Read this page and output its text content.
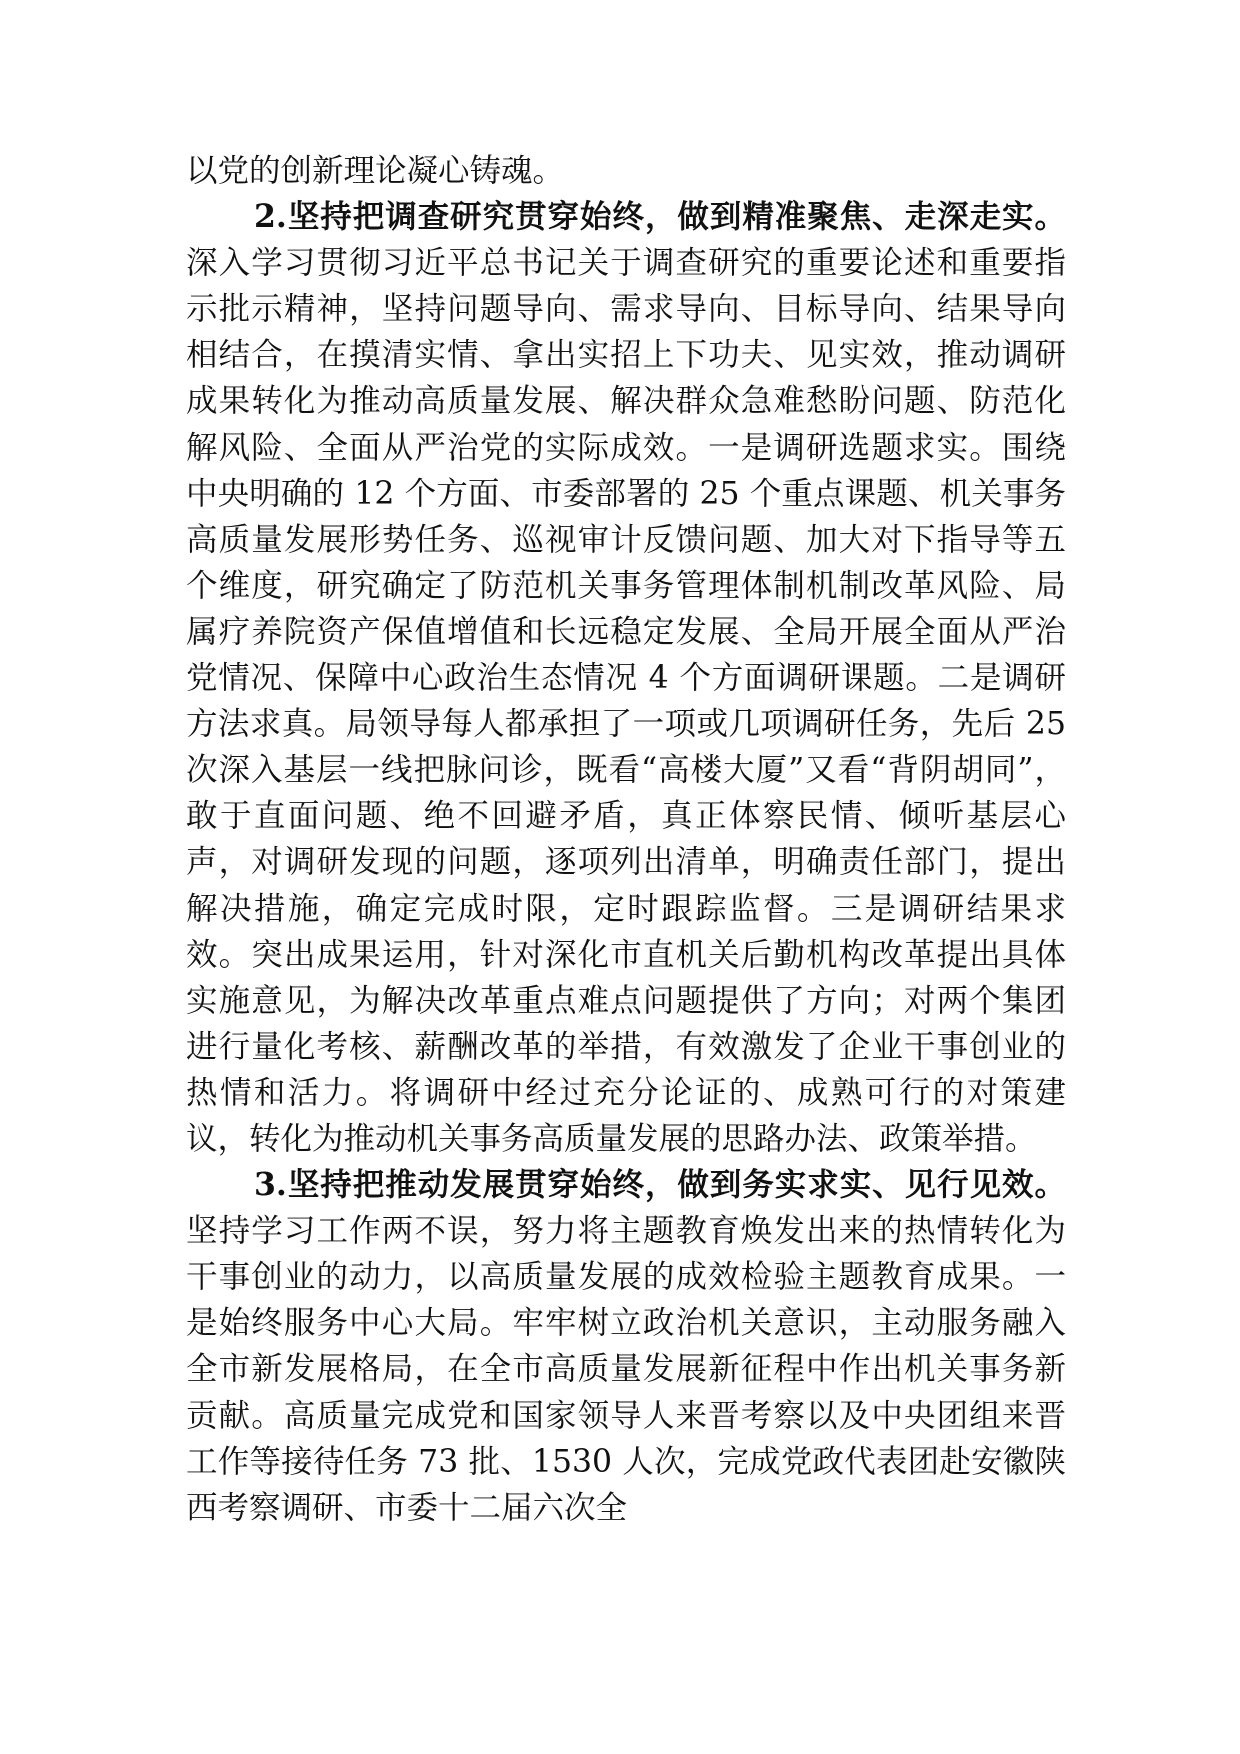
以党的创新理论凝心铸魂。

2.坚持把调查研究贯穿始终，做到精准聚焦、走深走实。深入学习贯彻习近平总书记关于调查研究的重要论述和重要指示批示精神，坚持问题导向、需求导向、目标导向、结果导向相结合，在摸清实情、拿出实招上下功夫、见实效，推动调研成果转化为推动高质量发展、解决群众急难愁盼问题、防范化解风险、全面从严治党的实际成效。一是调研选题求实。围绕中央明确的 12 个方面、市委部署的 25 个重点课题、机关事务高质量发展形势任务、巡视审计反馈问题、加大对下指导等五个维度，研究确定了防范机关事务管理体制机制改革风险、局属疗养院资产保值增值和长远稳定发展、全局开展全面从严治党情况、保障中心政治生态情况 4 个方面调研课题。二是调研方法求真。局领导每人都承担了一项或几项调研任务，先后 25 次深入基层一线把脉问诊，既看“高楼大厦”又看“背阴胡同”，敢于直面问题、绝不回避矛盾，真正体察民情、倾听基层心声，对调研发现的问题，逐项列出清单，明确责任部门，提出解决措施，确定完成时限，定时跟踪监督。三是调研结果求效。突出成果运用，针对深化市直机关后勤机构改革提出具体实施意见，为解决改革重点难点问题提供了方向；对两个集团进行量化考核、薪酬改革的举措，有效激发了企业干事创业的热情和活力。将调研中经过充分论证的、成熟可行的对策建议，转化为推动机关事务高质量发展的思路办法、政策举措。

3.坚持把推动发展贯穿始终，做到务实求实、见行见效。坚持学习工作两不误，努力将主题教育焕发出来的热情转化为干事创业的动力，以高质量发展的成效检验主题教育成果。一是始终服务中心大局。牢牢树立政治机关意识，主动服务融入全市新发展格局，在全市高质量发展新征程中作出机关事务新贡献。高质量完成党和国家领导人来晋考察以及中央团组来晋工作等接待任务 73 批、1530 人次，完成党政代表团赴安徽陕西考察调研、市委十二届六次全
